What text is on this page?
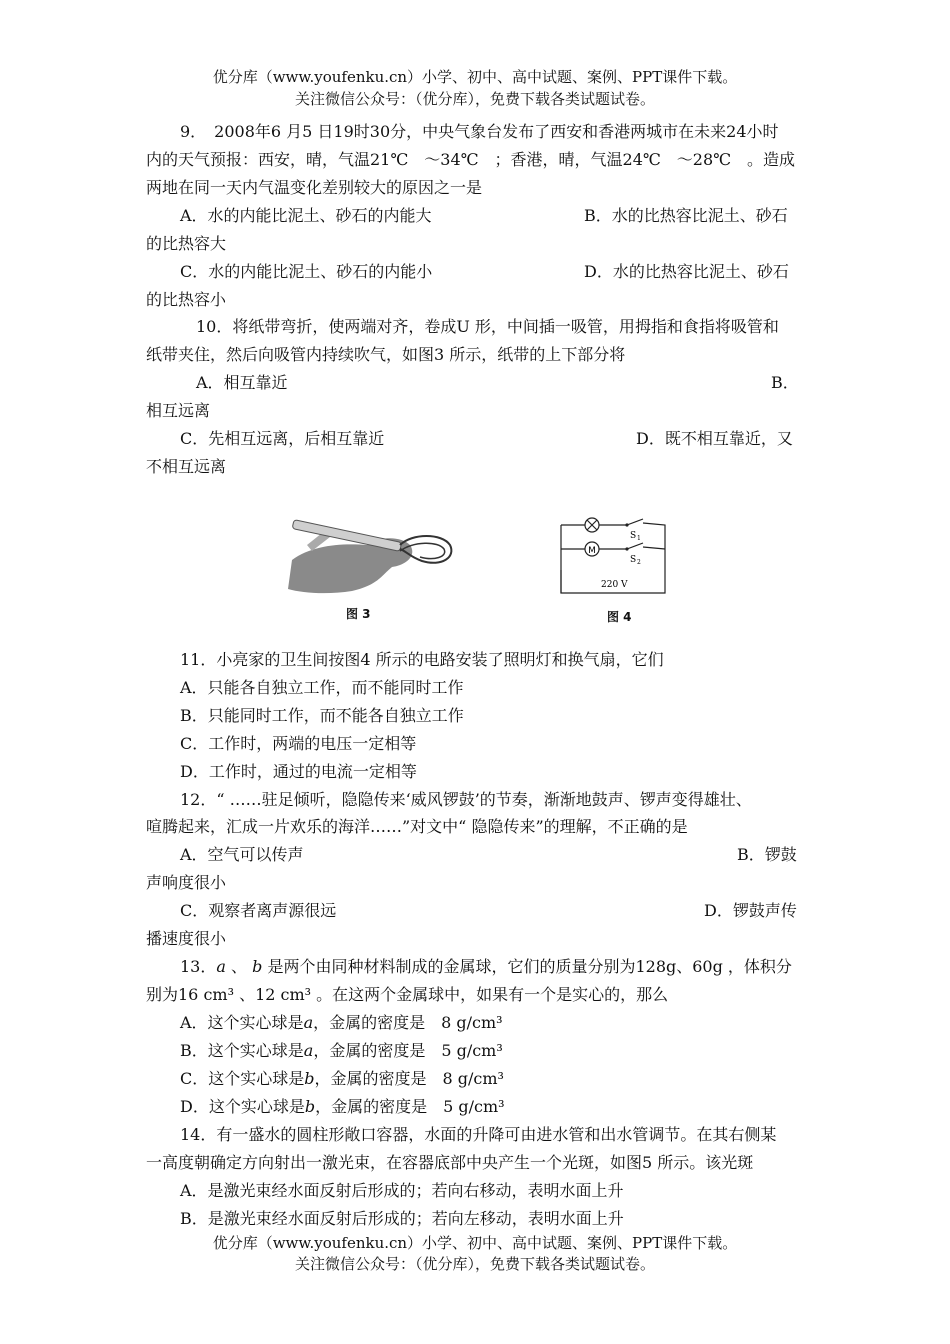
优分库（www.youfenku.cn）小学、初中、高中试题、案例、PPT课件下载。
关注微信公众号：（优分库），免费下载各类试题试卷。
9．　2008年6 月5 日19时30分，中央气象台发布了西安和香港两城市在未来24小时
内的天气预报：西安，晴，气温21℃　～34℃　；香港，晴，气温24℃　～28℃　。造成
两地在同一天内气温变化差别较大的原因之一是
A．水的内能比泥土、砂石的内能大	B．水的比热容比泥土、砂石
的比热容大
C．水的内能比泥土、砂石的内能小	D．水的比热容比泥土、砂石
的比热容小
10．将纸带弯折，使两端对齐，卷成U 形，中间插一吸管，用拇指和食指将吸管和
纸带夹住，然后向吸管内持续吹气，如图3 所示，纸带的上下部分将
A．相互靠近	B．
相互远离
C．先相互远离，后相互靠近	D．既不相互靠近，又
不相互远离
图 3
M
S 1
S 2
220 V
图 4
11．小亮家的卫生间按图4 所示的电路安装了照明灯和换气扇，它们
A．只能各自独立工作，而不能同时工作
B．只能同时工作，而不能各自独立工作
C．工作时，两端的电压一定相等
D．工作时，通过的电流一定相等
12．“ ……驻足倾听，隐隐传来‘威风锣鼓’的节奏，渐渐地鼓声、锣声变得雄壮、
喧腾起来，汇成一片欢乐的海洋……”对文中“ 隐隐传来”的理解，不正确的是
A．空气可以传声	B．锣鼓
声响度很小
C．观察者离声源很远	D．锣鼓声传
播速度很小
13．a 、 b 是两个由同种材料制成的金属球，它们的质量分别为128g、60g ，体积分
别为16 cm³ 、12 cm³ 。在这两个金属球中，如果有一个是实心的，那么
A．这个实心球是a，金属的密度是　8 g/cm³
B．这个实心球是a，金属的密度是　5 g/cm³
C．这个实心球是b，金属的密度是　8 g/cm³
D．这个实心球是b，金属的密度是　5 g/cm³
14．有一盛水的圆柱形敞口容器，水面的升降可由进水管和出水管调节。在其右侧某
一高度朝确定方向射出一激光束，在容器底部中央产生一个光斑，如图5 所示。该光斑
A．是激光束经水面反射后形成的；若向右移动，表明水面上升
B．是激光束经水面反射后形成的；若向左移动，表明水面上升
优分库（www.youfenku.cn）小学、初中、高中试题、案例、PPT课件下载。
关注微信公众号：（优分库），免费下载各类试题试卷。
